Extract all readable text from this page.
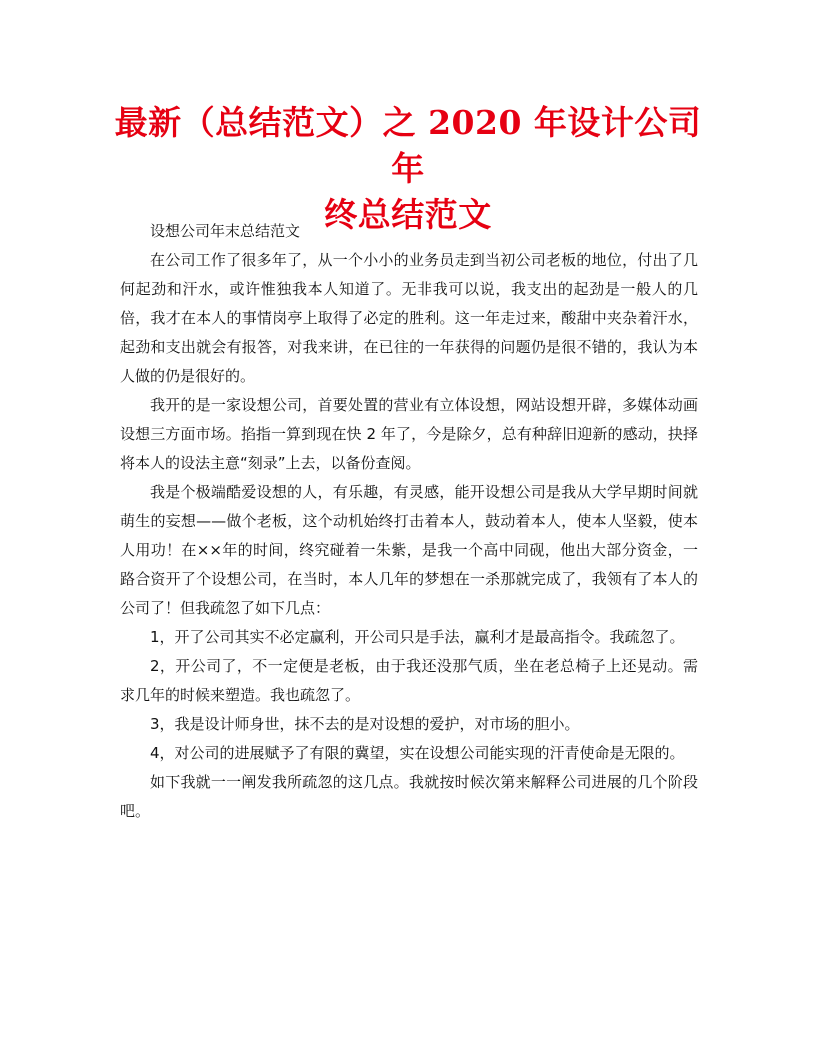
最新（总结范文）之 2020 年设计公司年
终总结范文

设想公司年末总结范文

在公司工作了很多年了，从一个小小的业务员走到当初公司老板的地位，付出了几何起劲和汗水，或许惟独我本人知道了。无非我可以说，我支出的起劲是一般人的几倍，我才在本人的事情岗亭上取得了必定的胜利。这一年走过来，酸甜中夹杂着汗水，起劲和支出就会有报答，对我来讲，在已往的一年获得的问题仍是很不错的，我认为本人做的仍是很好的。

我开的是一家设想公司，首要处置的营业有立体设想，网站设想开辟，多媒体动画设想三方面市场。掐指一算到现在快 2 年了，今是除夕，总有种辞旧迎新的感动，抉择将本人的设法主意“刻录”上去，以备份查阅。

我是个极端酷爱设想的人，有乐趣，有灵感，能开设想公司是我从大学早期时间就萌生的妄想——做个老板，这个动机始终打击着本人，鼓动着本人，使本人坚毅，使本人用功！在××年的时间，终究碰着一朱紫，是我一个高中同砚，他出大部分资金，一路合资开了个设想公司，在当时，本人几年的梦想在一杀那就完成了，我领有了本人的公司了！但我疏忽了如下几点：

1，开了公司其实不必定赢利，开公司只是手法，赢利才是最高指令。我疏忽了。

2，开公司了，不一定便是老板，由于我还没那气质，坐在老总椅子上还晃动。需求几年的时候来塑造。我也疏忽了。

3，我是设计师身世，抹不去的是对设想的爱护，对市场的胆小。

4，对公司的进展赋予了有限的冀望，实在设想公司能实现的汗青使命是无限的。

如下我就一一阐发我所疏忽的这几点。我就按时候次第来解释公司进展的几个阶段吧。
